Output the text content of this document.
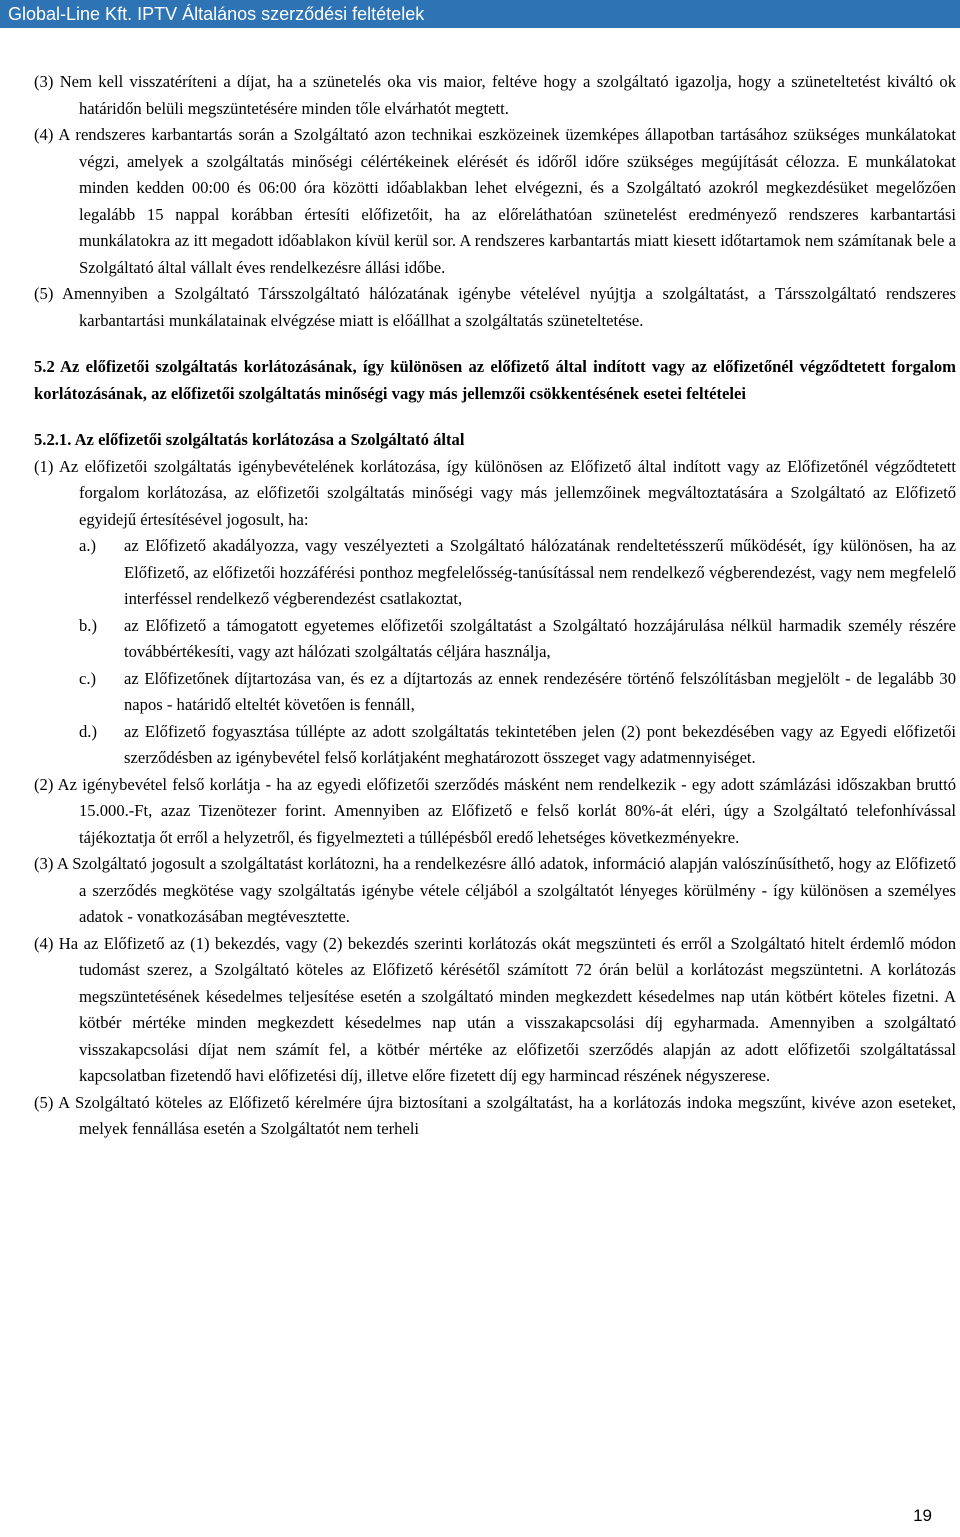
Global-Line Kft. IPTV Általános szerződési feltételek

(3) Nem kell visszatéríteni a díjat, ha a szünetelés oka vis maior, feltéve hogy a szolgáltató igazolja, hogy a szüneteltetést kiváltó ok határidőn belüli megszüntetésére minden tőle elvárhatót megtett.

(4) A rendszeres karbantartás során a Szolgáltató azon technikai eszközeinek üzemképes állapotban tartásához szükséges munkálatokat végzi, amelyek a szolgáltatás minőségi célértékeinek elérését és időről időre szükséges megújítását célozza. E munkálatokat minden kedden 00:00 és 06:00 óra közötti időablakban lehet elvégezni, és a Szolgáltató azokról megkezdésüket megelőzően legalább 15 nappal korábban értesíti előfizetőit, ha az előreláthatóan szünetelést eredményező rendszeres karbantartási munkálatokra az itt megadott időablakon kívül kerül sor. A rendszeres karbantartás miatt kiesett időtartamok nem számítanak bele a Szolgáltató által vállalt éves rendelkezésre állási időbe.

(5) Amennyiben a Szolgáltató Társszolgáltató hálózatának igénybe vételével nyújtja a szolgáltatást, a Társszolgáltató rendszeres karbantartási munkálatainak elvégzése miatt is előállhat a szolgáltatás szüneteltetése.

5.2 Az előfizetői szolgáltatás korlátozásának, így különösen az előfizető által indított vagy az előfizetőnél végződtetett forgalom korlátozásának, az előfizetői szolgáltatás minőségi vagy más jellemzői csökkentésének esetei feltételei

5.2.1. Az előfizetői szolgáltatás korlátozása a Szolgáltató által

(1) Az előfizetői szolgáltatás igénybevételének korlátozása, így különösen az Előfizető által indított vagy az Előfizetőnél végződtetett forgalom korlátozása, az előfizetői szolgáltatás minőségi vagy más jellemzőinek megváltoztatására a Szolgáltató az Előfizető egyidejű értesítésével jogosult, ha:

a.)	az Előfizető akadályozza, vagy veszélyezteti a Szolgáltató hálózatának rendeltetésszerű működését, így különösen, ha az Előfizető, az előfizetői hozzáférési ponthoz megfelelősség-tanúsítással nem rendelkező végberendezést, vagy nem megfelelő interféssel rendelkező végberendezést csatlakoztat,
b.)	az Előfizető a támogatott egyetemes előfizetői szolgáltatást a Szolgáltató hozzájárulása nélkül harmadik személy részére továbbértékesíti, vagy azt hálózati szolgáltatás céljára használja,
c.)	az Előfizetőnek díjtartozása van, és ez a díjtartozás az ennek rendezésére történő felszólításban megjelölt - de legalább 30 napos - határidő elteltét követően is fennáll,
d.)	az Előfizető fogyasztása túllépte az adott szolgáltatás tekintetében jelen (2) pont bekezdésében vagy az Egyedi előfizetői szerződésben az igénybevétel felső korlátjaként meghatározott összeget vagy adatmennyiséget.

(2) Az igénybevétel felső korlátja - ha az egyedi előfizetői szerződés másként nem rendelkezik - egy adott számlázási időszakban bruttó 15.000.-Ft, azaz Tizenötezer forint. Amennyiben az Előfizető e felső korlát 80%-át eléri, úgy a Szolgáltató telefonhívással tájékoztatja őt erről a helyzetről, és figyelmezteti a túllépésből eredő lehetséges következményekre.

(3) A Szolgáltató jogosult a szolgáltatást korlátozni, ha a rendelkezésre álló adatok, információ alapján valószínűsíthető, hogy az Előfizető a szerződés megkötése vagy szolgáltatás igénybe vétele céljából a szolgáltatót lényeges körülmény - így különösen a személyes adatok - vonatkozásában megtévesztette.

(4) Ha az Előfizető az (1) bekezdés, vagy (2) bekezdés szerinti korlátozás okát megszünteti és erről a Szolgáltató hitelt érdemlő módon tudomást szerez, a Szolgáltató köteles az Előfizető kérésétől számított 72 órán belül a korlátozást megszüntetni. A korlátozás megszüntetésének késedelmes teljesítése esetén a szolgáltató minden megkezdett késedelmes nap után kötbért köteles fizetni. A kötbér mértéke minden megkezdett késedelmes nap után a visszakapcsolási díj egyharmada. Amennyiben a szolgáltató visszakapcsolási díjat nem számít fel, a kötbér mértéke az előfizetői szerződés alapján az adott előfizetői szolgáltatással kapcsolatban fizetendő havi előfizetési díj, illetve előre fizetett díj egy harmincad részének négyszerese.

(5) A Szolgáltató köteles az Előfizető kérelmére újra biztosítani a szolgáltatást, ha a korlátozás indoka megszűnt, kivéve azon eseteket, melyek fennállása esetén a Szolgáltatót nem terheli

19
